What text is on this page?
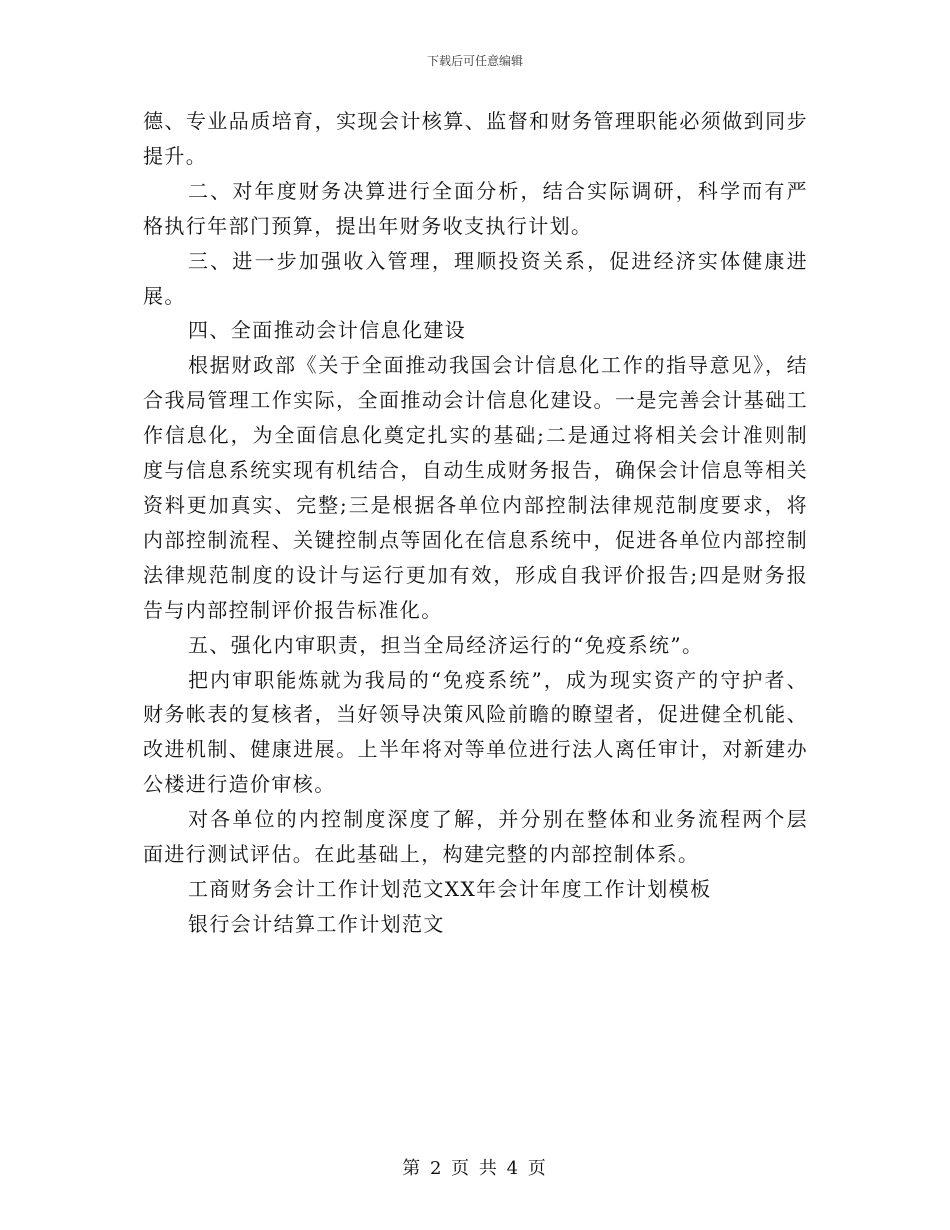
下载后可任意编辑

德、专业品质培育，实现会计核算、监督和财务管理职能必须做到同步提升。

二、对年度财务决算进行全面分析，结合实际调研，科学而有严格执行年部门预算，提出年财务收支执行计划。

三、进一步加强收入管理，理顺投资关系，促进经济实体健康进展。

四、全面推动会计信息化建设

根据财政部《关于全面推动我国会计信息化工作的指导意见》，结合我局管理工作实际，全面推动会计信息化建设。一是完善会计基础工作信息化，为全面信息化奠定扎实的基础;二是通过将相关会计准则制度与信息系统实现有机结合，自动生成财务报告，确保会计信息等相关资料更加真实、完整;三是根据各单位内部控制法律规范制度要求，将内部控制流程、关键控制点等固化在信息系统中，促进各单位内部控制法律规范制度的设计与运行更加有效，形成自我评价报告;四是财务报告与内部控制评价报告标准化。

五、强化内审职责，担当全局经济运行的“免疫系统”。

把内审职能炼就为我局的“免疫系统”，成为现实资产的守护者、财务帐表的复核者，当好领导决策风险前瞻的瞭望者，促进健全机能、改进机制、健康进展。上半年将对等单位进行法人离任审计，对新建办公楼进行造价审核。

对各单位的内控制度深度了解，并分别在整体和业务流程两个层面进行测试评估。在此基础上，构建完整的内部控制体系。

工商财务会计工作计划范文XX年会计年度工作计划模板

银行会计结算工作计划范文

第 2 页 共 4 页
